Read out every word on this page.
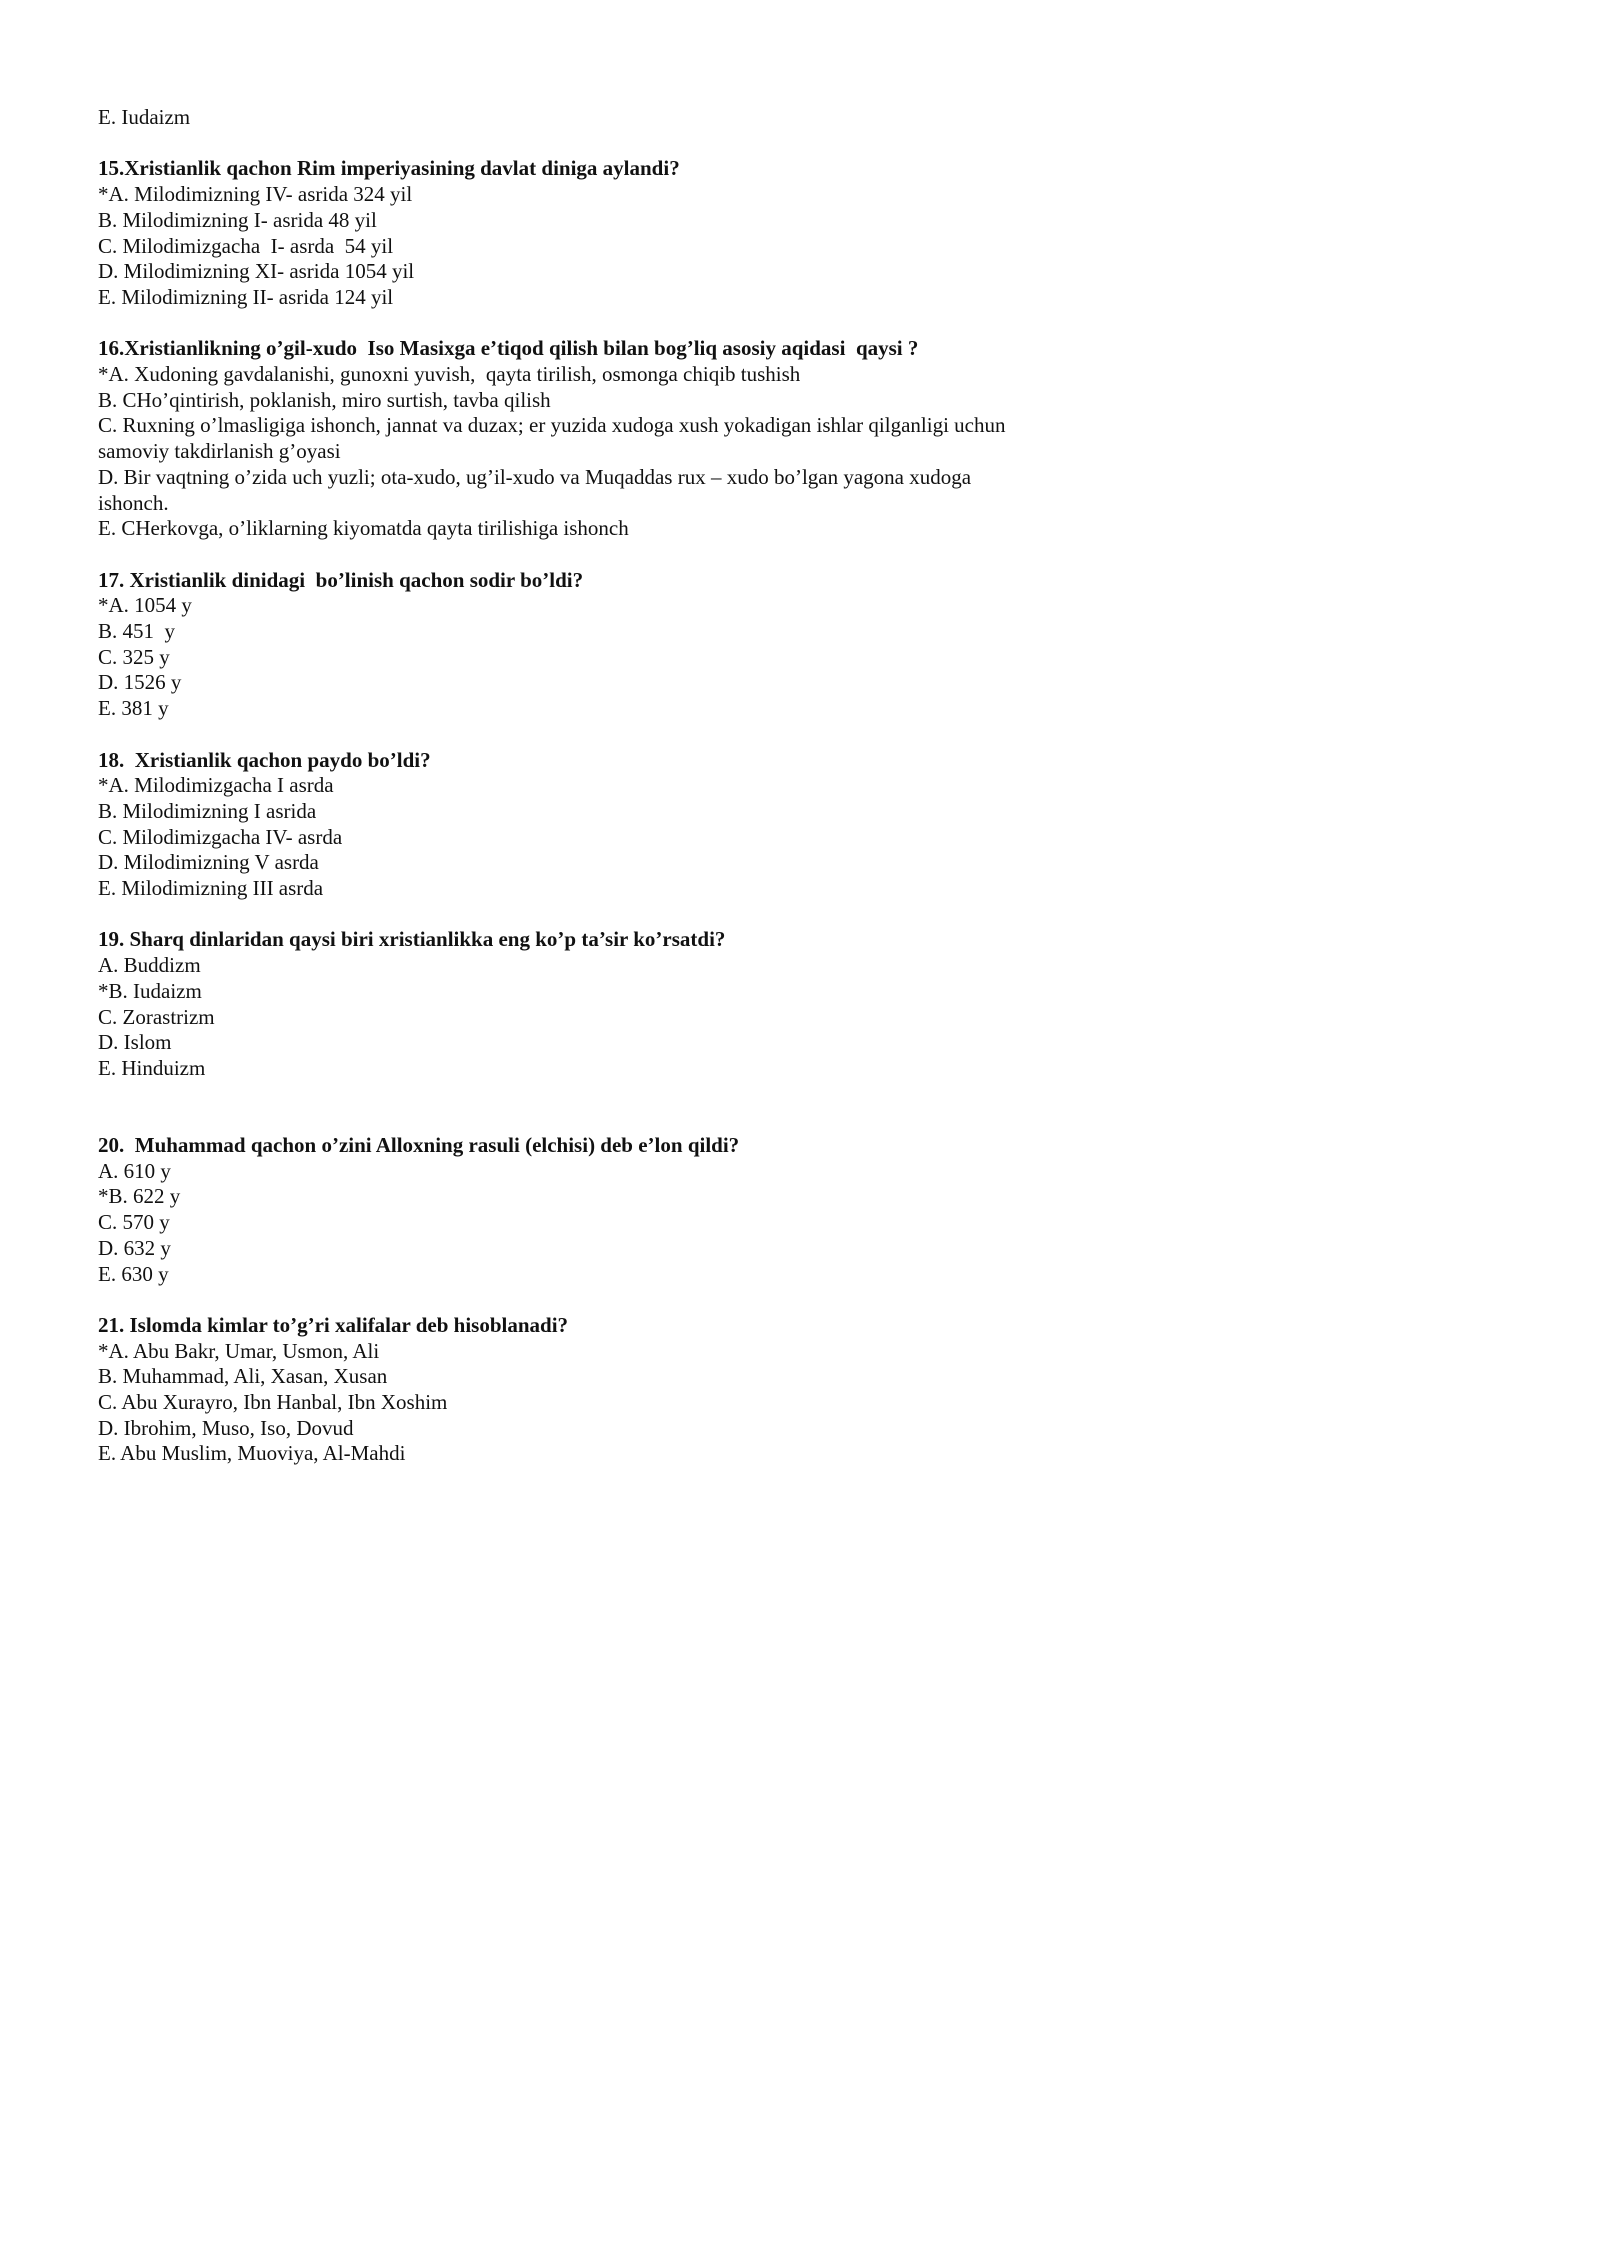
E. Iudaizm
15.Xristianlik qachon Rim imperiyasining davlat diniga aylandi?
*A. Milodimizning IV- asrida 324 yil
B. Milodimizning I- asrida 48 yil
C. Milodimizgacha  I- asrda  54 yil
D. Milodimizning XI- asrida 1054 yil
E. Milodimizning II- asrida 124 yil
16.Xristianlikning o’gil-xudo  Iso Masixga e’tiqod qilish bilan bog’liq asosiy aqidasi  qaysi ?
*A. Xudoning gavdalanishi, gunoxni yuvish,  qayta tirilish, osmonga chiqib tushish
B. CHo’qintirish, poklanish, miro surtish, tavba qilish
C. Ruxning o’lmasligiga ishonch, jannat va duzax; er yuzida xudoga xush yokadigan ishlar qilganligi uchun samoviy takdirlanish g’oyasi
D. Bir vaqtning o’zida uch yuzli; ota-xudo, ug’il-xudo va Muqaddas rux – xudo bo’lgan yagona xudoga ishonch.
E. CHerkovga, o’liklarning kiyomatda qayta tirilishiga ishonch
17. Xristianlik dinidagi  bo’linish qachon sodir bo’ldi?
*A. 1054 y
B. 451  y
C. 325 y
D. 1526 y
E. 381 y
18.  Xristianlik qachon paydo bo’ldi?
*A. Milodimizgacha I asrda
B. Milodimizning I asrida
C. Milodimizgacha IV- asrda
D. Milodimizning V asrda
E. Milodimizning III asrda
19. Sharq dinlaridan qaysi biri xristianlikka eng ko’p ta’sir ko’rsatdi?
A. Buddizm
*B. Iudaizm
C. Zorastrizm
D. Islom
E. Hinduizm
20.  Muhammad qachon o’zini Alloxning rasuli (elchisi) deb e’lon qildi?
A. 610 y
*B. 622 y
C. 570 y
D. 632 y
E. 630 y
21. Islomda kimlar to’g’ri xalifalar deb hisoblanadi?
*A. Abu Bakr, Umar, Usmon, Ali
B. Muhammad, Ali, Xasan, Xusan
C. Abu Xurayro, Ibn Hanbal, Ibn Xoshim
D. Ibrohim, Muso, Iso, Dovud
E. Abu Muslim, Muoviya, Al-Mahdi
